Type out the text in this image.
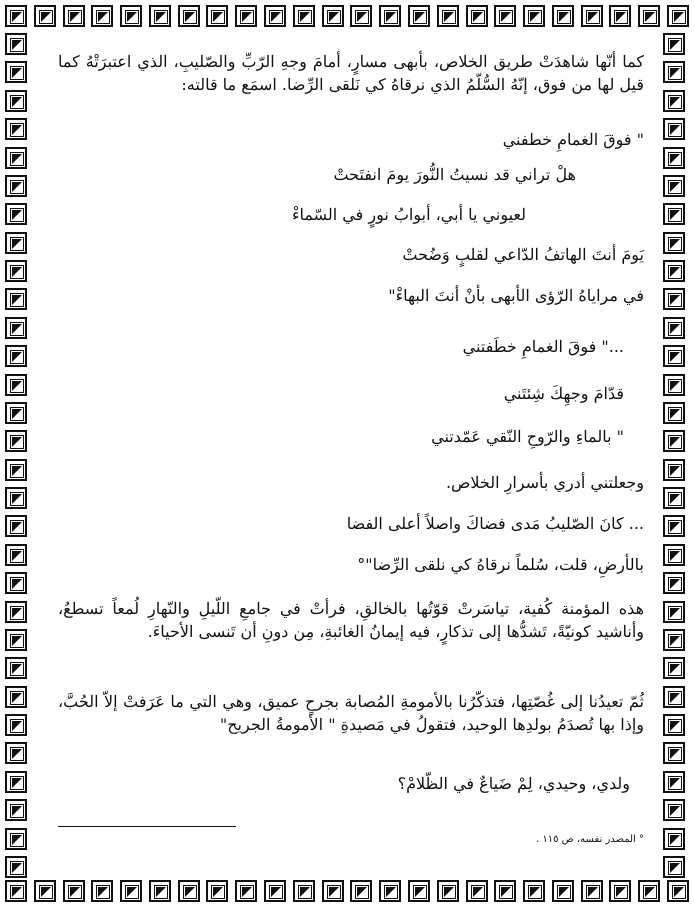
كما أنّها شاهدَتْ طريق الخلاص، بأبهى مسارٍ، أمامَ وجهِ الرّبِّ والصّليبِ، الذي اعتبرَتْهُ كما قيل لها من فوق، إنّهُ السُّلّمُ الذي نرقاهُ كي نَلقى الرِّضا. اسمَع ما قالته:

" فوقَ الغمامِ خطفني
هلْ تراني قد نسيتُ النُّورَ يومَ انفتَحتْ
لعيوني يا أبي، أبوابُ نورٍ في السّماءْ
يَومَ أنتَ الهاتفُ الدّاعي لقلبٍ وَضُحتْ
في مراياهُ الرّؤى الأبهى بأنْ أنتَ البهاءْ"
..." فوقَ الغمامِ خطَفتني
قدّامَ وجهِكَ شِئتَني
" بالماءِ والرّوحِ النّقي عَمّدتني
وجعلتني أدري بأسرارِ الخلاص.
... كانَ الصّليبُ مَدى فضاكَ واصلاً أعلى الفضا
بالأرضِ، قلت، سُلماً نرقاهُ كي نلقى الرِّضا"°

هذه المؤمنة كُفية، تياسَرتْ قوّتُها بالخالقِ، فرأتْ في جامعِ اللّيلِ والنّهارِ لُمعاً تسطعُ، وأناشيد كونيّةً، تَشدُّها إلى تذكارٍ، فيه إيمانُ الغائبةِ، مِن دونِ أن تَنسى الأحياءَ.

ثُمّ تعيدُنا إلى غُصّتِها، فتذكّرُنا بالأمومةِ المُصابة بجرحٍ عميق، وهي التي ما عَرَفتْ إلاّ الحُبَّ، وإذا بها تُصدَمُ بولدِها الوحيد، فتقولُ في مَصيدةِ " الأمومةُ الجريح"

ولدي، وحيدي، لِمْ ضَياعٌ في الظّلامْ؟
° المصدر نفسه، ص ١١٥ .
